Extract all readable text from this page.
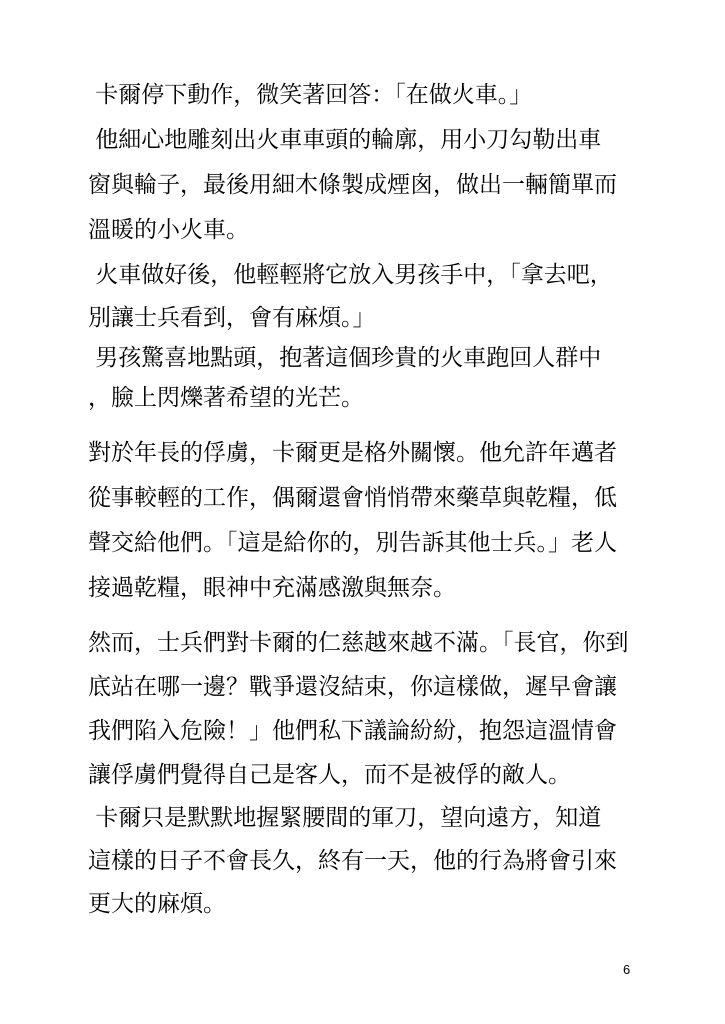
卡爾停下動作，微笑著回答：「在做火車。」
他細心地雕刻出火車車頭的輪廓，用小刀勾勒出車
窗與輪子，最後用細木條製成煙囪，做出一輛簡單而
溫暖的小火車。
火車做好後，他輕輕將它放入男孩手中，「拿去吧，
別讓士兵看到，會有麻煩。」
男孩驚喜地點頭，抱著這個珍貴的火車跑回人群中
，臉上閃爍著希望的光芒。
對於年長的俘虜，卡爾更是格外關懷。他允許年邁者
從事較輕的工作，偶爾還會悄悄帶來藥草與乾糧，低
聲交給他們。「這是給你的，別告訴其他士兵。」老人
接過乾糧，眼神中充滿感激與無奈。
然而，士兵們對卡爾的仁慈越來越不滿。「長官，你到
底站在哪一邊？戰爭還沒結束，你這樣做，遲早會讓
我們陷入危險！」他們私下議論紛紛，抱怨這溫情會
讓俘虜們覺得自己是客人，而不是被俘的敵人。
卡爾只是默默地握緊腰間的軍刀，望向遠方，知道
這樣的日子不會長久，終有一天，他的行為將會引來
更大的麻煩。
6
